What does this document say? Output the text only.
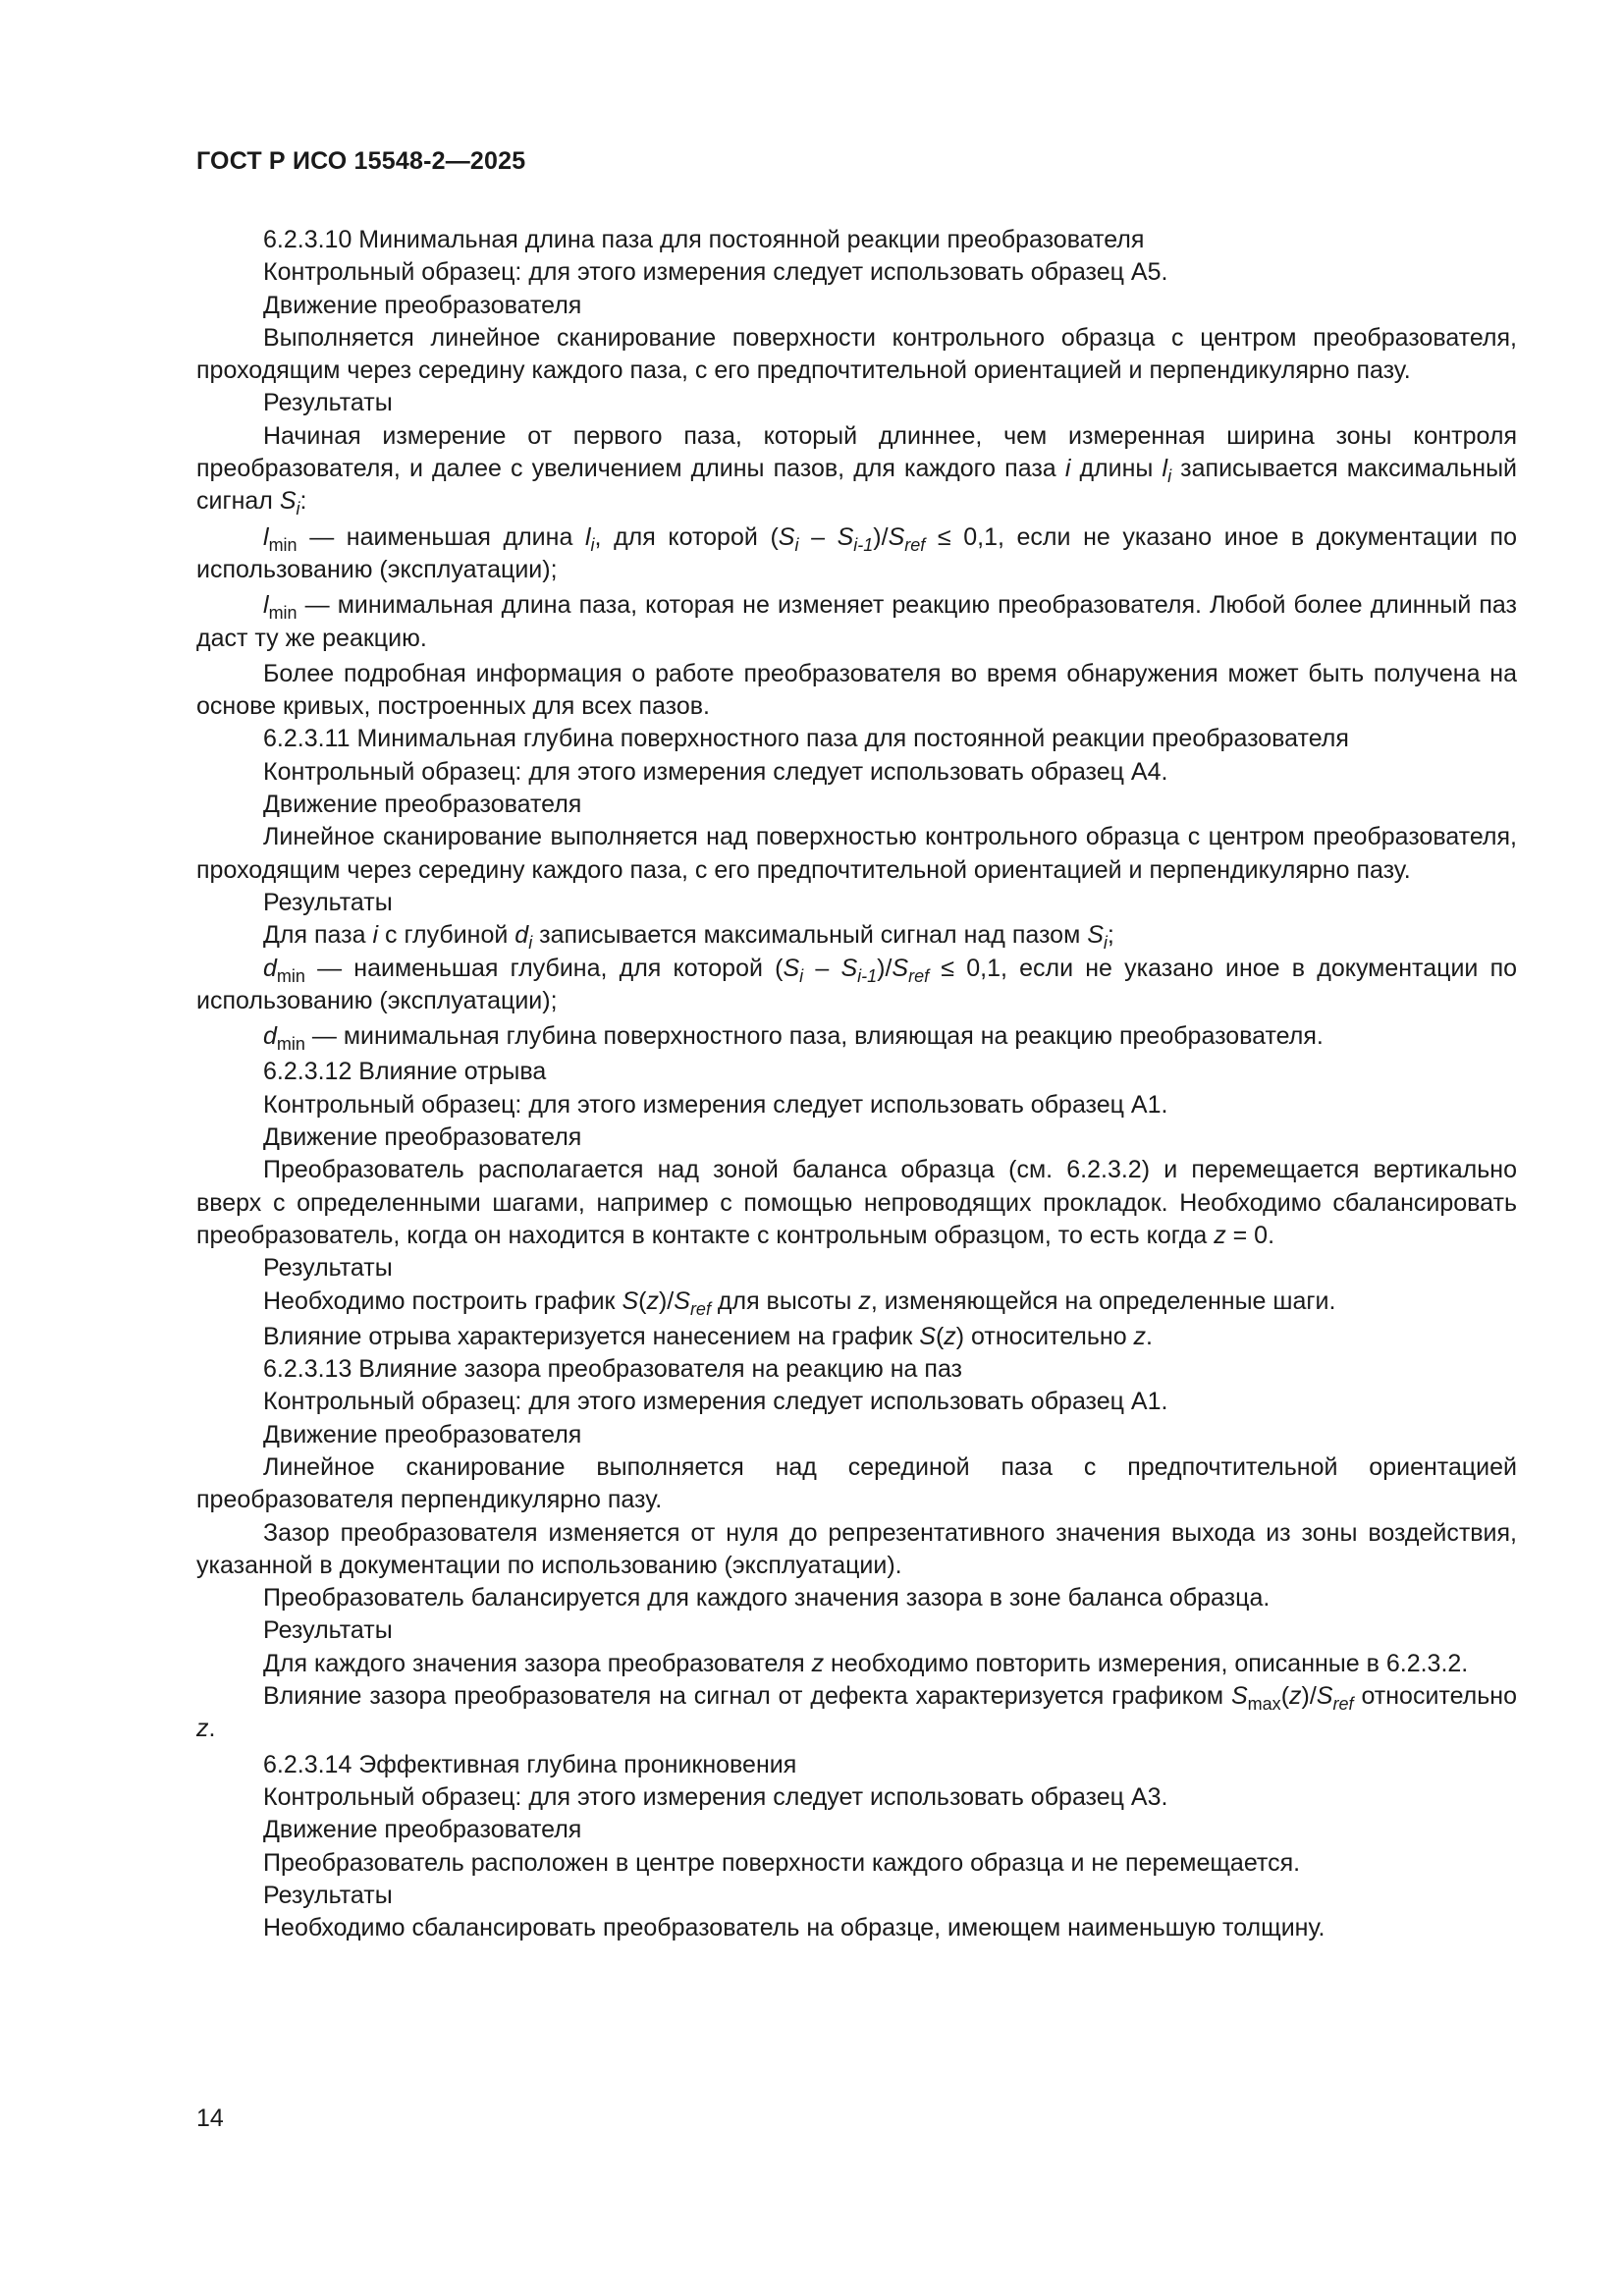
ГОСТ Р ИСО 15548-2—2025

6.2.3.10 Минимальная длина паза для постоянной реакции преобразователя

Контрольный образец: для этого измерения следует использовать образец А5.

Движение преобразователя

Выполняется линейное сканирование поверхности контрольного образца с центром преобразователя, проходящим через середину каждого паза, с его предпочтительной ориентацией и перпендикулярно пазу.

Результаты

Начиная измерение от первого паза, который длиннее, чем измеренная ширина зоны контроля преобразователя, и далее с увеличением длины пазов, для каждого паза i длины $l_i$ записывается максимальный сигнал $S_i$:

$l_{min}$ — наименьшая длина $l_i$, для которой $(S_i - S_{i-1})/S_{ref} \le 0,1$, если не указано иное в документации по использованию (эксплуатации);

$l_{min}$ — минимальная длина паза, которая не изменяет реакцию преобразователя. Любой более длинный паз даст ту же реакцию.

Более подробная информация о работе преобразователя во время обнаружения может быть получена на основе кривых, построенных для всех пазов.

6.2.3.11 Минимальная глубина поверхностного паза для постоянной реакции преобразователя

Контрольный образец: для этого измерения следует использовать образец А4.

Движение преобразователя

Линейное сканирование выполняется над поверхностью контрольного образца с центром преобразователя, проходящим через середину каждого паза, с его предпочтительной ориентацией и перпендикулярно пазу.

Результаты

Для паза i с глубиной $d_i$ записывается максимальный сигнал над пазом $S_i$;

$d_{min}$ — наименьшая глубина, для которой $(S_i - S_{i-1})/S_{ref} \le 0,1$, если не указано иное в документации по использованию (эксплуатации);

$d_{min}$ — минимальная глубина поверхностного паза, влияющая на реакцию преобразователя.

6.2.3.12 Влияние отрыва

Контрольный образец: для этого измерения следует использовать образец А1.

Движение преобразователя

Преобразователь располагается над зоной баланса образца (см. 6.2.3.2) и перемещается вертикально вверх с определенными шагами, например с помощью непроводящих прокладок. Необходимо сбалансировать преобразователь, когда он находится в контакте с контрольным образцом, то есть когда z = 0.

Результаты

Необходимо построить график $S(z)/S_{ref}$ для высоты z, изменяющейся на определенные шаги.

Влияние отрыва характеризуется нанесением на график S(z) относительно z.

6.2.3.13 Влияние зазора преобразователя на реакцию на паз

Контрольный образец: для этого измерения следует использовать образец А1.

Движение преобразователя

Линейное сканирование выполняется над серединой паза с предпочтительной ориентацией преобразователя перпендикулярно пазу.

Зазор преобразователя изменяется от нуля до репрезентативного значения выхода из зоны воздействия, указанной в документации по использованию (эксплуатации).

Преобразователь балансируется для каждого значения зазора в зоне баланса образца.

Результаты

Для каждого значения зазора преобразователя z необходимо повторить измерения, описанные в 6.2.3.2.

Влияние зазора преобразователя на сигнал от дефекта характеризуется графиком $S_{max}(z)/S_{ref}$ относительно z.

6.2.3.14 Эффективная глубина проникновения

Контрольный образец: для этого измерения следует использовать образец А3.

Движение преобразователя

Преобразователь расположен в центре поверхности каждого образца и не перемещается.

Результаты

Необходимо сбалансировать преобразователь на образце, имеющем наименьшую толщину.

14
